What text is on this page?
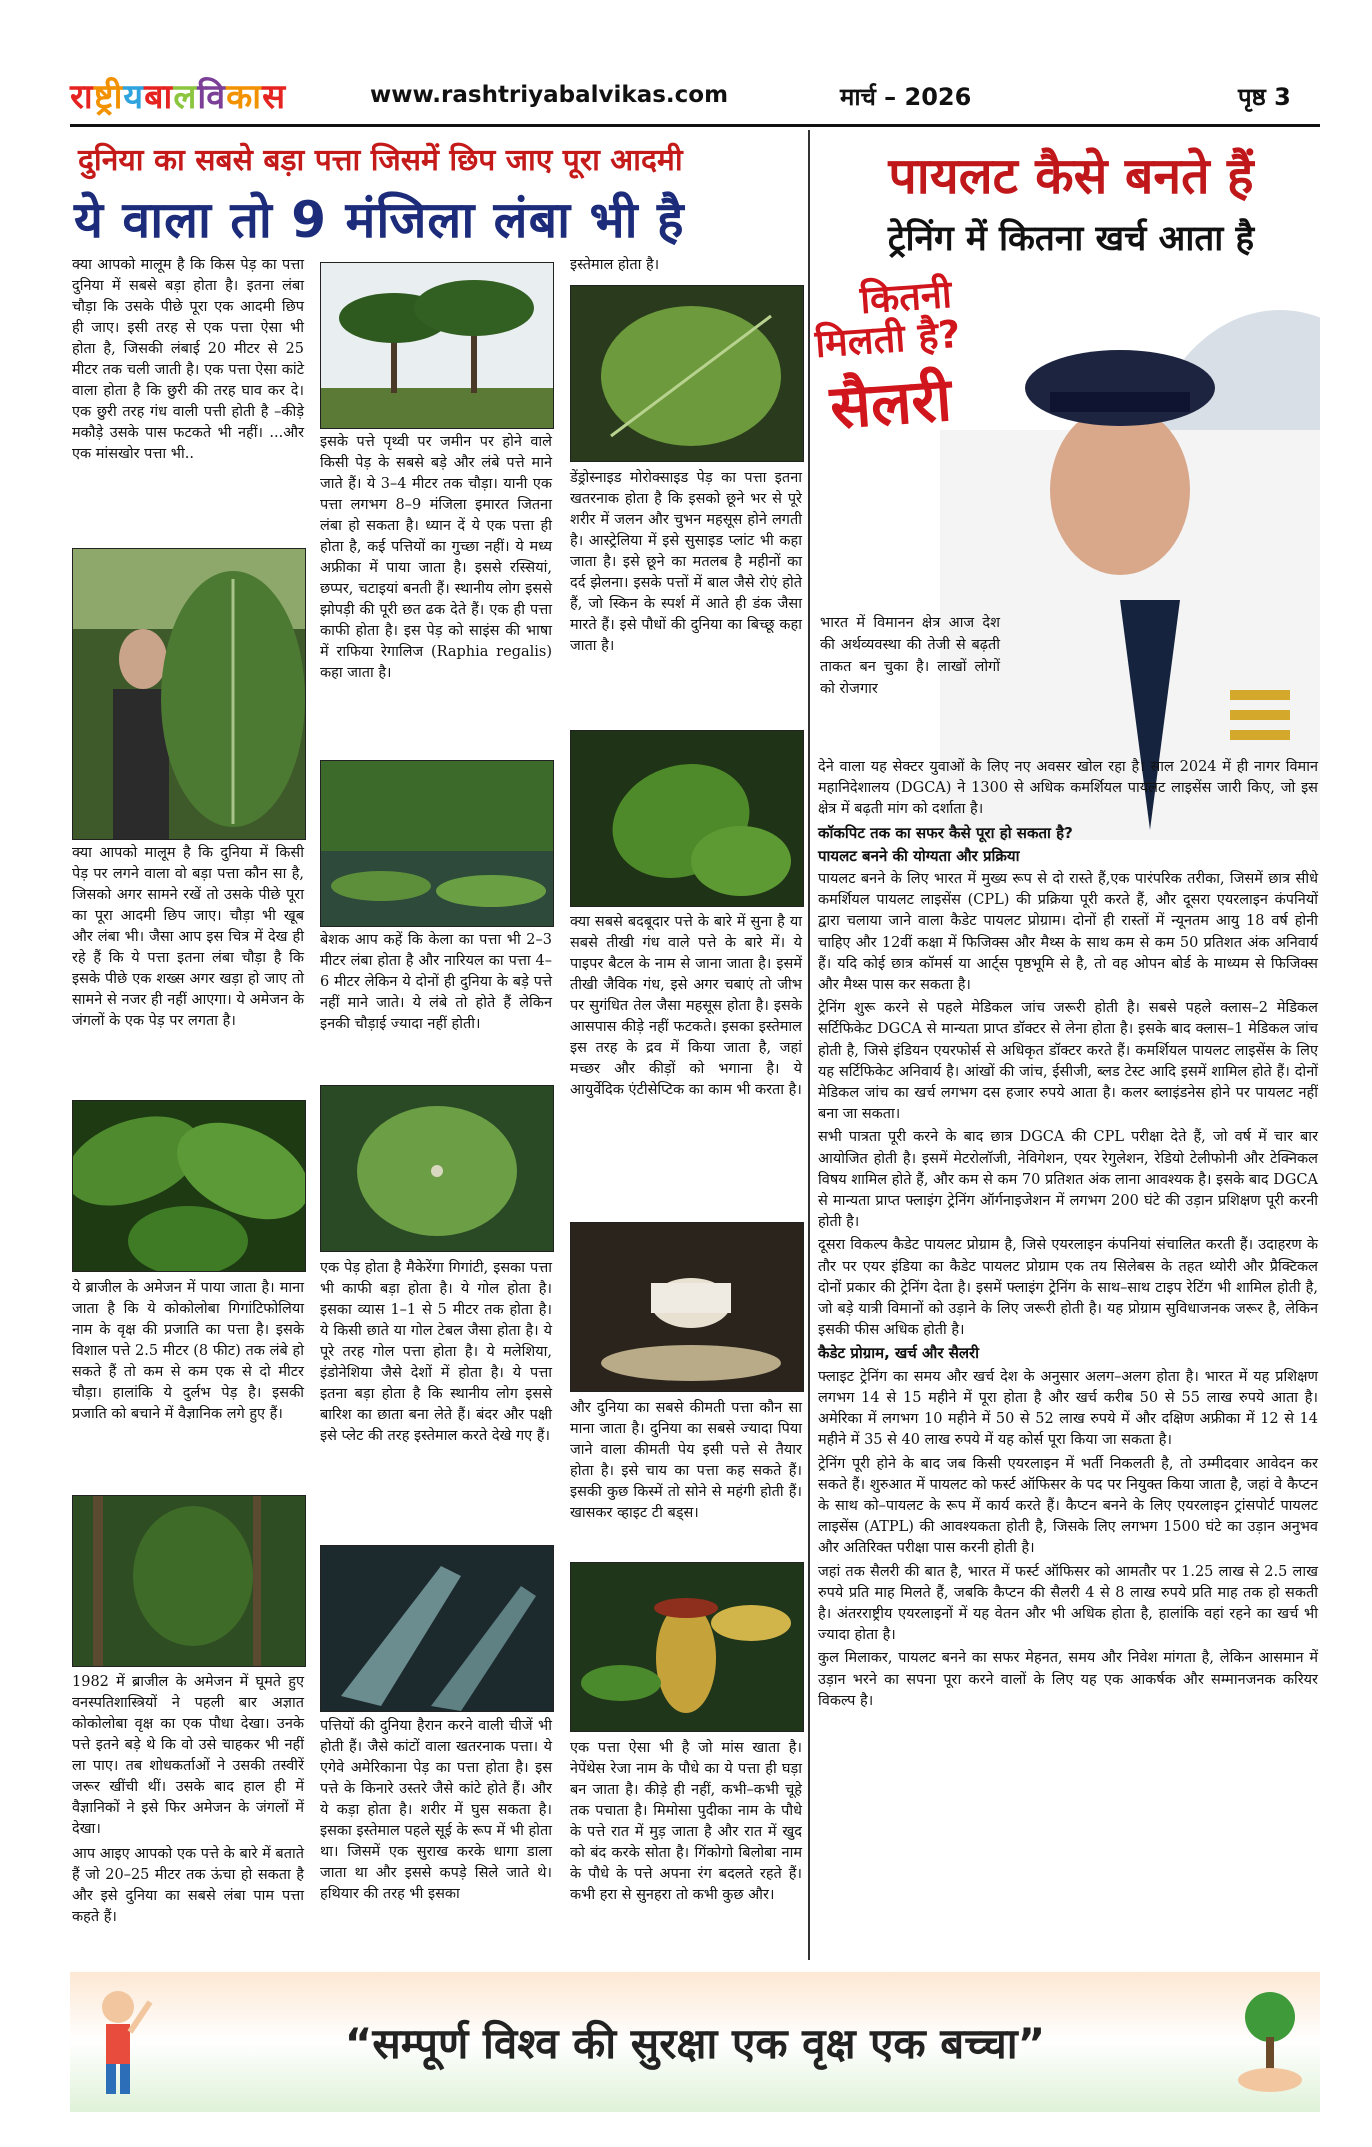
राष्ट्रीयबालविकास	www.rashtriyabalvikas.com	मार्च – 2026	पृष्ठ 3
दुनिया का सबसे बड़ा पत्ता जिसमें छिप जाए पूरा आदमी
ये वाला तो 9 मंजिला लंबा भी है

क्या आपको मालूम है कि किस पेड़ का पत्ता दुनिया में सबसे बड़ा होता है। इतना लंबा चौड़ा कि उसके पीछे पूरा एक आदमी छिप ही जाए। इसी तरह से एक पत्ता ऐसा भी होता है, जिसकी लंबाई 20 मीटर से 25 मीटर तक चली जाती है। एक पत्ता ऐसा कांटे वाला होता है कि छुरी की तरह घाव कर दे। एक छुरी तरह गंध वाली पत्ती होती है –कीड़े मकौड़े उसके पास फटकते भी नहीं। ...और एक मांसखोर पत्ता भी..

क्या आपको मालूम है कि दुनिया में किसी पेड़ पर लगने वाला वो बड़ा पत्ता कौन सा है, जिसको अगर सामने रखें तो उसके पीछे पूरा का पूरा आदमी छिप जाए। चौड़ा भी खूब और लंबा भी। जैसा आप इस चित्र में देख ही रहे हैं कि ये पत्ता इतना लंबा चौड़ा है कि इसके पीछे एक शख्स अगर खड़ा हो जाए तो सामने से नजर ही नहीं आएगा। ये अमेजन के जंगलों के एक पेड़ पर लगता है।

ये ब्राजील के अमेजन में पाया जाता है। माना जाता है कि ये कोकोलोबा गिगांटिफोलिया नाम के वृक्ष की प्रजाति का पत्ता है। इसके विशाल पत्ते 2.5 मीटर (8 फीट) तक लंबे हो सकते हैं तो कम से कम एक से दो मीटर चौड़ा। हालांकि ये दुर्लभ पेड़ है। इसकी प्रजाति को बचाने में वैज्ञानिक लगे हुए हैं।

1982 में ब्राजील के अमेजन में घूमते हुए वनस्पतिशास्त्रियों ने पहली बार अज्ञात कोकोलोबा वृक्ष का एक पौधा देखा। उनके पत्ते इतने बड़े थे कि वो उसे चाहकर भी नहीं ला पाए। तब शोधकर्ताओं ने उसकी तस्वीरें जरूर खींची थीं। उसके बाद हाल ही में वैज्ञानिकों ने इसे फिर अमेजन के जंगलों में देखा।

आप आइए आपको एक पत्ते के बारे में बताते हैं जो 20–25 मीटर तक ऊंचा हो सकता है और इसे दुनिया का सबसे लंबा पाम पत्ता कहते हैं।

इसके पत्ते पृथ्वी पर जमीन पर होने वाले किसी पेड़ के सबसे बड़े और लंबे पत्ते माने जाते हैं। ये 3–4 मीटर तक चौड़ा। यानी एक पत्ता लगभग 8–9 मंजिला इमारत जितना लंबा हो सकता है। ध्यान दें ये एक पत्ता ही होता है, कई पत्तियों का गुच्छा नहीं। ये मध्य अफ्रीका में पाया जाता है। इससे रस्सियां, छप्पर, चटाइयां बनती हैं। स्थानीय लोग इससे झोपड़ी की पूरी छत ढक देते हैं। एक ही पत्ता काफी होता है। इस पेड़ को साइंस की भाषा में राफिया रेगालिज (Raphia regalis) कहा जाता है।

बेशक आप कहें कि केला का पत्ता भी 2–3 मीटर लंबा होता है और नारियल का पत्ता 4–6 मीटर लेकिन ये दोनों ही दुनिया के बड़े पत्ते नहीं माने जाते। ये लंबे तो होते हैं लेकिन इनकी चौड़ाई ज्यादा नहीं होती।

एक पेड़ होता है मैकेरेंगा गिगांटी, इसका पत्ता भी काफी बड़ा होता है। ये गोल होता है। इसका व्यास 1–1 से 5 मीटर तक होता है। ये किसी छाते या गोल टेबल जैसा होता है। ये पूरे तरह गोल पत्ता होता है। ये मलेशिया, इंडोनेशिया जैसे देशों में होता है। ये पत्ता इतना बड़ा होता है कि स्थानीय लोग इससे बारिश का छाता बना लेते हैं। बंदर और पक्षी इसे प्लेट की तरह इस्तेमाल करते देखे गए हैं।

पत्तियों की दुनिया हैरान करने वाली चीजें भी होती हैं। जैसे कांटों वाला खतरनाक पत्ता। ये एगेवे अमेरिकाना पेड़ का पत्ता होता है। इस पत्ते के किनारे उस्तरे जैसे कांटे होते हैं। और ये कड़ा होता है। शरीर में घुस सकता है। इसका इस्तेमाल पहले सूई के रूप में भी होता था। जिसमें एक सुराख करके धागा डाला जाता था और इससे कपड़े सिले जाते थे। हथियार की तरह भी इसका

इस्तेमाल होता है।

डेंड्रोस्नाइड मोरोक्साइड पेड़ का पत्ता इतना खतरनाक होता है कि इसको छूने भर से पूरे शरीर में जलन और चुभन महसूस होने लगती है। आस्ट्रेलिया में इसे सुसाइड प्लांट भी कहा जाता है। इसे छूने का मतलब है महीनों का दर्द झेलना। इसके पत्तों में बाल जैसे रोएं होते हैं, जो स्किन के स्पर्श में आते ही डंक जैसा मारते हैं। इसे पौधों की दुनिया का बिच्छू कहा जाता है।

क्या सबसे बदबूदार पत्ते के बारे में सुना है या सबसे तीखी गंध वाले पत्ते के बारे में। ये पाइपर बैटल के नाम से जाना जाता है। इसमें तीखी जैविक गंध, इसे अगर चबाएं तो जीभ पर सुगंधित तेल जैसा महसूस होता है। इसके आसपास कीड़े नहीं फटकते। इसका इस्तेमाल इस तरह के द्रव में किया जाता है, जहां मच्छर और कीड़ों को भगाना है। ये आयुर्वेदिक एंटीसेप्टिक का काम भी करता है।

और दुनिया का सबसे कीमती पत्ता कौन सा माना जाता है। दुनिया का सबसे ज्यादा पिया जाने वाला कीमती पेय इसी पत्ते से तैयार होता है। इसे चाय का पत्ता कह सकते हैं। इसकी कुछ किस्में तो सोने से महंगी होती हैं। खासकर व्हाइट टी बड्स।

एक पत्ता ऐसा भी है जो मांस खाता है। नेपेंथेस रेजा नाम के पौधे का ये पत्ता ही घड़ा बन जाता है। कीड़े ही नहीं, कभी–कभी चूहे तक पचाता है। मिमोसा पुदीका नाम के पौधे के पत्ते रात में मुड़ जाता है और रात में खुद को बंद करके सोता है। गिंकोगो बिलोबा नाम के पौधे के पत्ते अपना रंग बदलते रहते हैं। कभी हरा से सुनहरा तो कभी कुछ और।

पायलट कैसे बनते हैं
ट्रेनिंग में कितना खर्च आता है
कितनी
मिलती है?
सैलरी
भारत में विमानन क्षेत्र आज देश की अर्थव्यवस्था की तेजी से बढ़ती ताकत बन चुका है। लाखों लोगों को रोजगार

देने वाला यह सेक्टर युवाओं के लिए नए अवसर खोल रहा है। साल 2024 में ही नागर विमान महानिदेशालय (DGCA) ने 1300 से अधिक कमर्शियल पायलट लाइसेंस जारी किए, जो इस क्षेत्र में बढ़ती मांग को दर्शाता है।

कॉकपिट तक का सफर कैसे पूरा हो सकता है?
पायलट बनने की योग्यता और प्रक्रिया

पायलट बनने के लिए भारत में मुख्य रूप से दो रास्ते हैं,एक पारंपरिक तरीका, जिसमें छात्र सीधे कमर्शियल पायलट लाइसेंस (CPL) की प्रक्रिया पूरी करते हैं, और दूसरा एयरलाइन कंपनियों द्वारा चलाया जाने वाला कैडेट पायलट प्रोग्राम। दोनों ही रास्तों में न्यूनतम आयु 18 वर्ष होनी चाहिए और 12वीं कक्षा में फिजिक्स और मैथ्स के साथ कम से कम 50 प्रतिशत अंक अनिवार्य हैं। यदि कोई छात्र कॉमर्स या आर्ट्स पृष्ठभूमि से है, तो वह ओपन बोर्ड के माध्यम से फिजिक्स और मैथ्स पास कर सकता है।

ट्रेनिंग शुरू करने से पहले मेडिकल जांच जरूरी होती है। सबसे पहले क्लास–2 मेडिकल सर्टिफिकेट DGCA से मान्यता प्राप्त डॉक्टर से लेना होता है। इसके बाद क्लास–1 मेडिकल जांच होती है, जिसे इंडियन एयरफोर्स से अधिकृत डॉक्टर करते हैं। कमर्शियल पायलट लाइसेंस के लिए यह सर्टिफिकेट अनिवार्य है। आंखों की जांच, ईसीजी, ब्लड टेस्ट आदि इसमें शामिल होते हैं। दोनों मेडिकल जांच का खर्च लगभग दस हजार रुपये आता है। कलर ब्लाइंडनेस होने पर पायलट नहीं बना जा सकता।

सभी पात्रता पूरी करने के बाद छात्र DGCA की CPL परीक्षा देते हैं, जो वर्ष में चार बार आयोजित होती है। इसमें मेटरोलॉजी, नेविगेशन, एयर रेगुलेशन, रेडियो टेलीफोनी और टेक्निकल विषय शामिल होते हैं, और कम से कम 70 प्रतिशत अंक लाना आवश्यक है। इसके बाद DGCA से मान्यता प्राप्त फ्लाइंग ट्रेनिंग ऑर्गनाइजेशन में लगभग 200 घंटे की उड़ान प्रशिक्षण पूरी करनी होती है।

दूसरा विकल्प कैडेट पायलट प्रोग्राम है, जिसे एयरलाइन कंपनियां संचालित करती हैं। उदाहरण के तौर पर एयर इंडिया का कैडेट पायलट प्रोग्राम एक तय सिलेबस के तहत थ्योरी और प्रैक्टिकल दोनों प्रकार की ट्रेनिंग देता है। इसमें फ्लाइंग ट्रेनिंग के साथ–साथ टाइप रेटिंग भी शामिल होती है, जो बड़े यात्री विमानों को उड़ाने के लिए जरूरी होती है। यह प्रोग्राम सुविधाजनक जरूर है, लेकिन इसकी फीस अधिक होती है।

कैडेट प्रोग्राम, खर्च और सैलरी

फ्लाइट ट्रेनिंग का समय और खर्च देश के अनुसार अलग–अलग होता है। भारत में यह प्रशिक्षण लगभग 14 से 15 महीने में पूरा होता है और खर्च करीब 50 से 55 लाख रुपये आता है। अमेरिका में लगभग 10 महीने में 50 से 52 लाख रुपये में और दक्षिण अफ्रीका में 12 से 14 महीने में 35 से 40 लाख रुपये में यह कोर्स पूरा किया जा सकता है।

ट्रेनिंग पूरी होने के बाद जब किसी एयरलाइन में भर्ती निकलती है, तो उम्मीदवार आवेदन कर सकते हैं। शुरुआत में पायलट को फर्स्ट ऑफिसर के पद पर नियुक्त किया जाता है, जहां वे कैप्टन के साथ को–पायलट के रूप में कार्य करते हैं। कैप्टन बनने के लिए एयरलाइन ट्रांसपोर्ट पायलट लाइसेंस (ATPL) की आवश्यकता होती है, जिसके लिए लगभग 1500 घंटे का उड़ान अनुभव और अतिरिक्त परीक्षा पास करनी होती है।

जहां तक सैलरी की बात है, भारत में फर्स्ट ऑफिसर को आमतौर पर 1.25 लाख से 2.5 लाख रुपये प्रति माह मिलते हैं, जबकि कैप्टन की सैलरी 4 से 8 लाख रुपये प्रति माह तक हो सकती है। अंतरराष्ट्रीय एयरलाइनों में यह वेतन और भी अधिक होता है, हालांकि वहां रहने का खर्च भी ज्यादा होता है।

कुल मिलाकर, पायलट बनने का सफर मेहनत, समय और निवेश मांगता है, लेकिन आसमान में उड़ान भरने का सपना पूरा करने वालों के लिए यह एक आकर्षक और सम्मानजनक करियर विकल्प है।

“सम्पूर्ण विश्व की सुरक्षा एक वृक्ष एक बच्चा”
